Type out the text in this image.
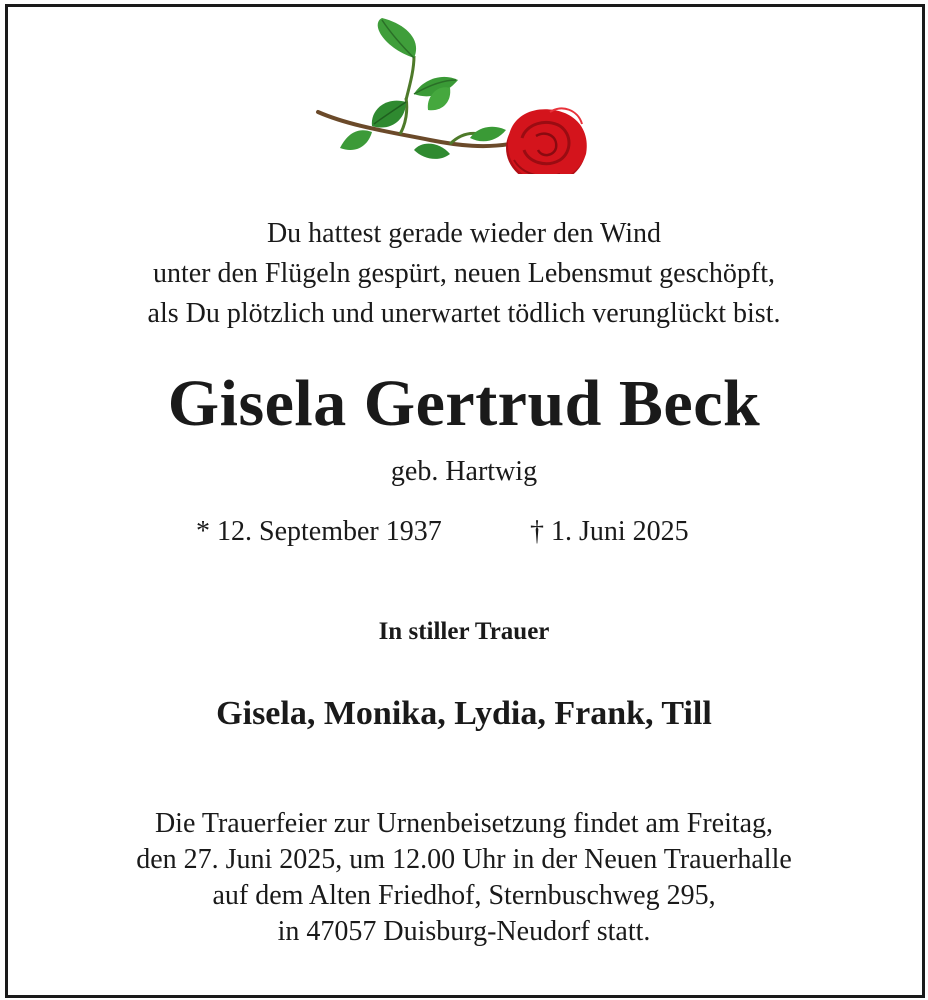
Du hattest gerade wieder den Wind
unter den Flügeln gespürt, neuen Lebensmut geschöpft,
als Du plötzlich und unerwartet tödlich verunglückt bist.
Gisela Gertrud Beck
geb. Hartwig
* 12. September 1937	† 1. Juni 2025
In stiller Trauer
Gisela, Monika, Lydia, Frank, Till
Die Trauerfeier zur Urnenbeisetzung findet am Freitag,
den 27. Juni 2025, um 12.00 Uhr in der Neuen Trauerhalle
auf dem Alten Friedhof, Sternbuschweg 295,
in 47057 Duisburg-Neudorf statt.
